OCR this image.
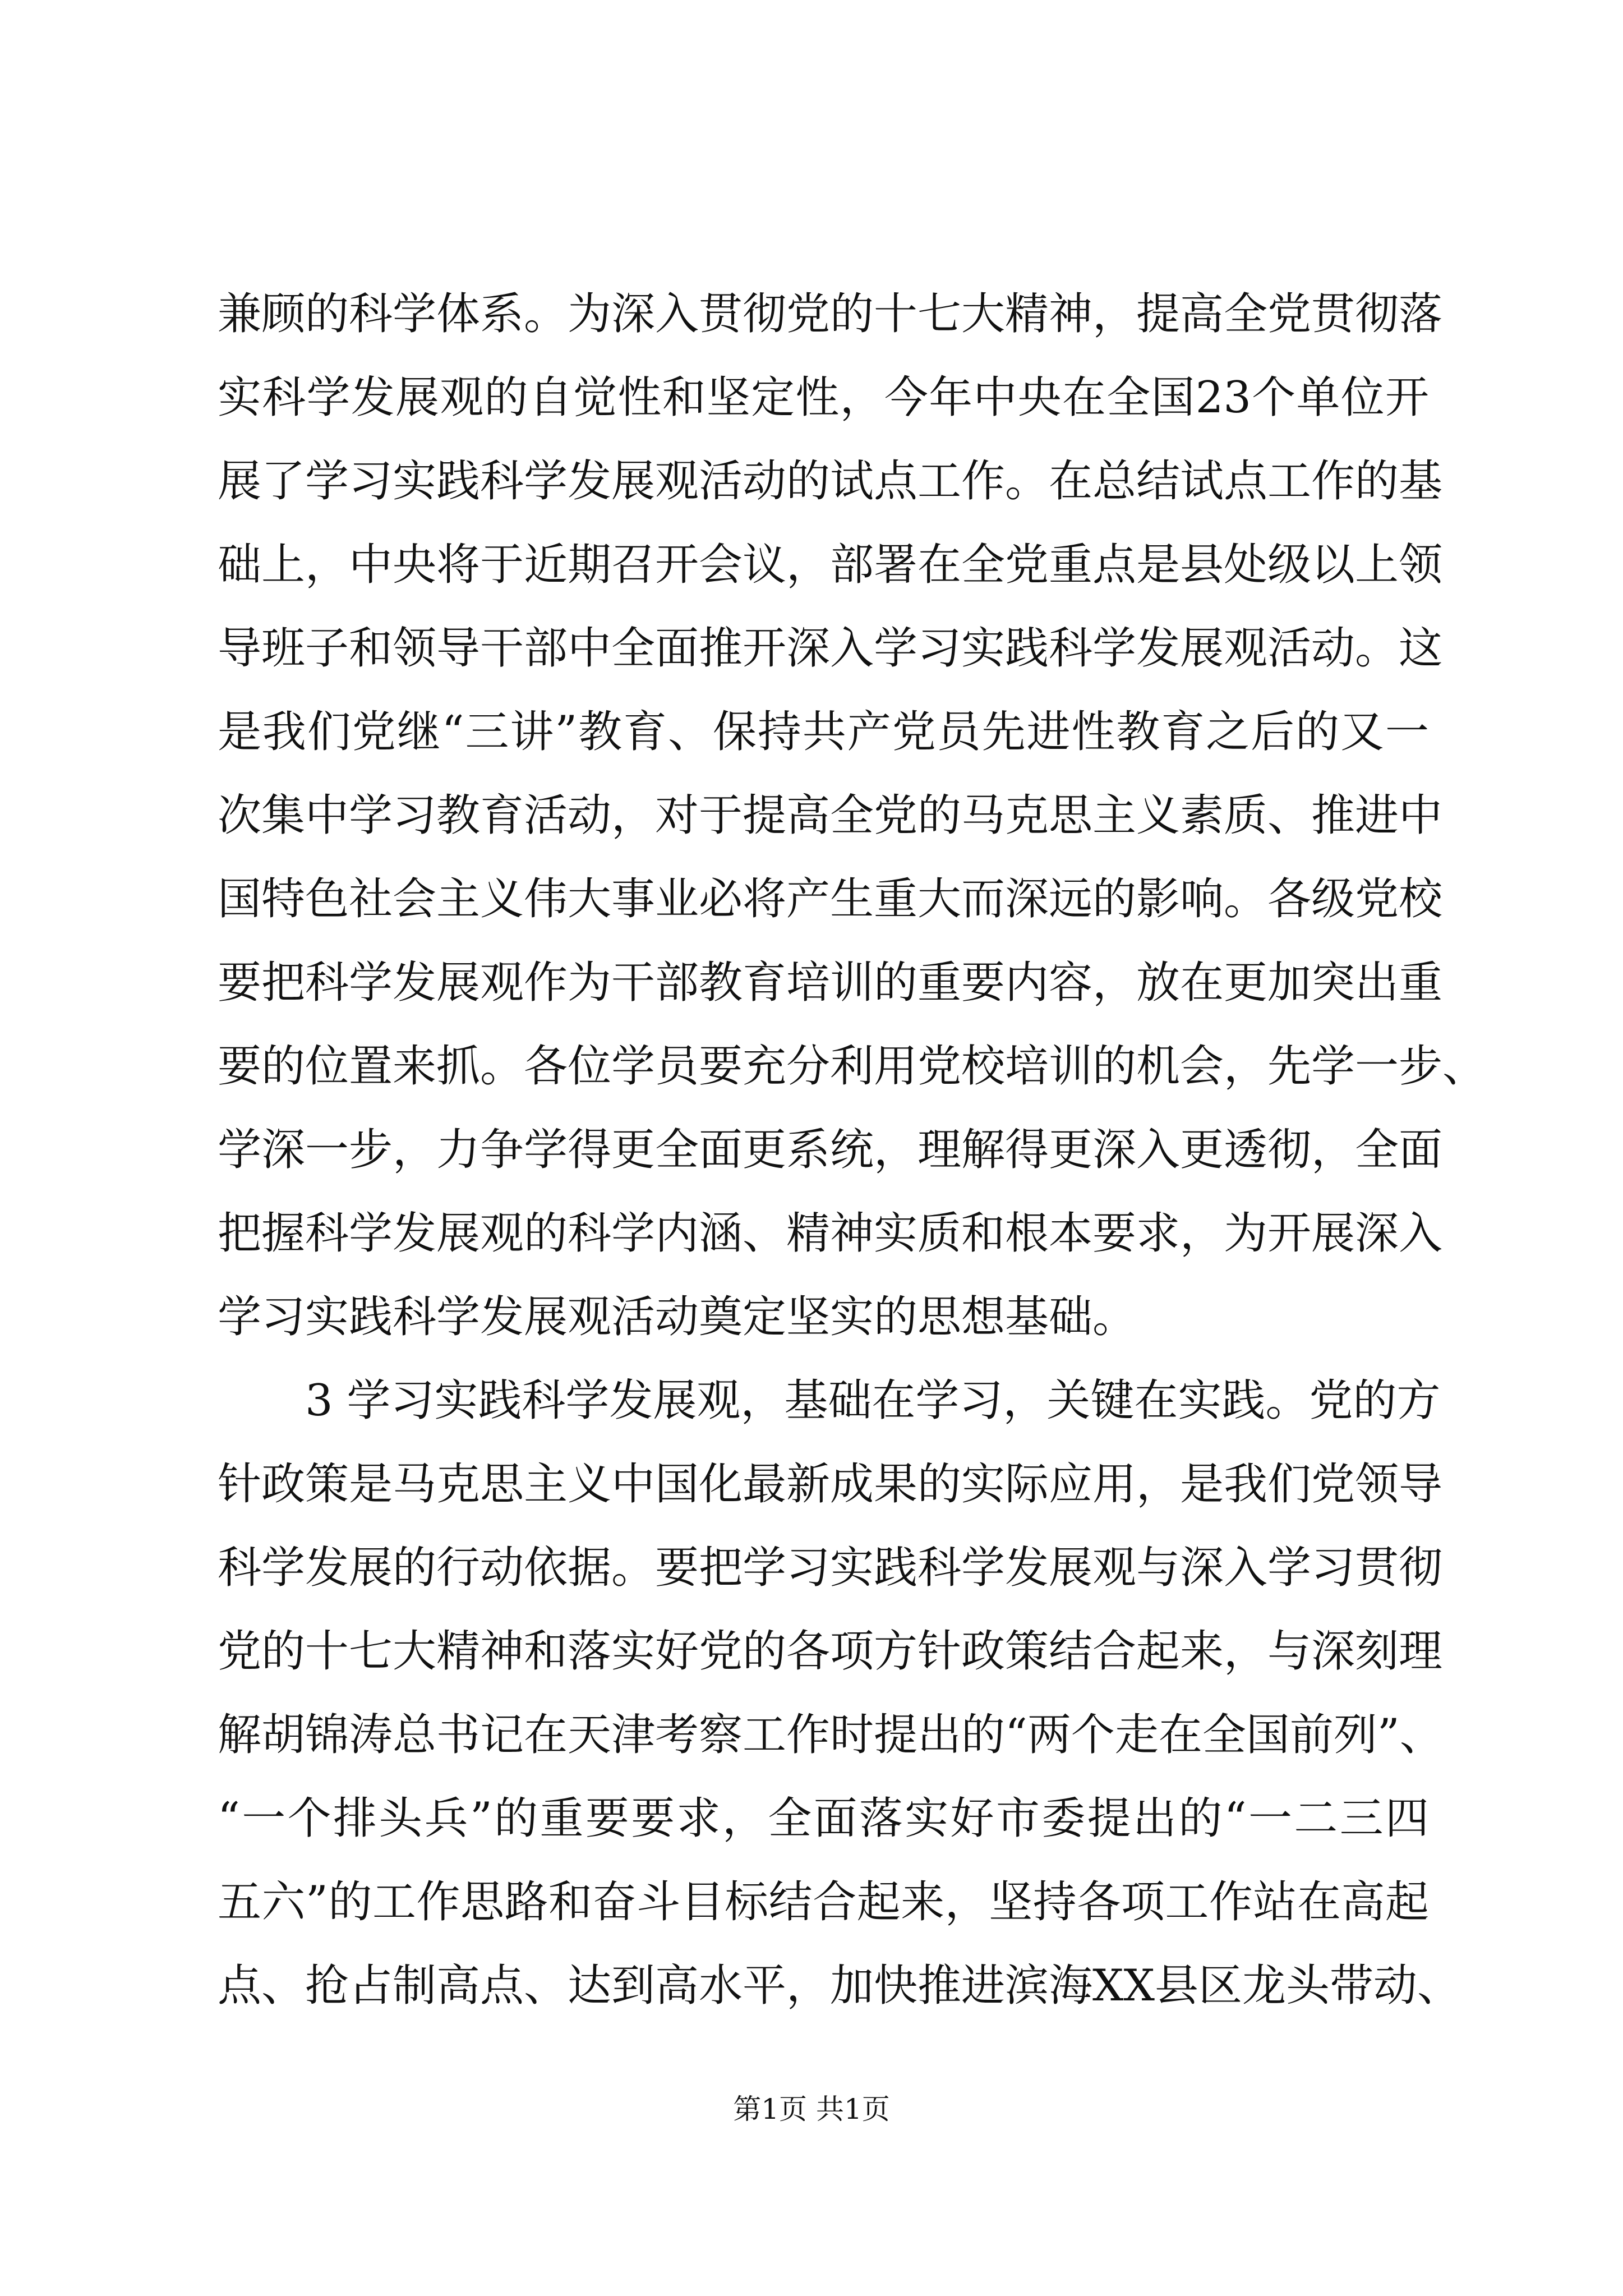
兼顾的科学体系。为深入贯彻党的十七大精神，提高全党贯彻落
实科学发展观的自觉性和坚定性，今年中央在全国23个单位开
展了学习实践科学发展观活动的试点工作。在总结试点工作的基
础上，中央将于近期召开会议，部署在全党重点是县处级以上领
导班子和领导干部中全面推开深入学习实践科学发展观活动。这
是我们党继“三讲”教育、保持共产党员先进性教育之后的又一
次集中学习教育活动，对于提高全党的马克思主义素质、推进中
国特色社会主义伟大事业必将产生重大而深远的影响。各级党校
要把科学发展观作为干部教育培训的重要内容，放在更加突出重
要的位置来抓。各位学员要充分利用党校培训的机会，先学一步、
学深一步，力争学得更全面更系统，理解得更深入更透彻，全面
把握科学发展观的科学内涵、精神实质和根本要求，为开展深入
学习实践科学发展观活动奠定坚实的思想基础。
　　3 学习实践科学发展观，基础在学习，关键在实践。党的方
针政策是马克思主义中国化最新成果的实际应用，是我们党领导
科学发展的行动依据。要把学习实践科学发展观与深入学习贯彻
党的十七大精神和落实好党的各项方针政策结合起来，与深刻理
解胡锦涛总书记在天津考察工作时提出的“两个走在全国前列”、
“一个排头兵”的重要要求，全面落实好市委提出的“一二三四
五六”的工作思路和奋斗目标结合起来，坚持各项工作站在高起
点、抢占制高点、达到高水平，加快推进滨海XX县区龙头带动、
第1页 共1页
